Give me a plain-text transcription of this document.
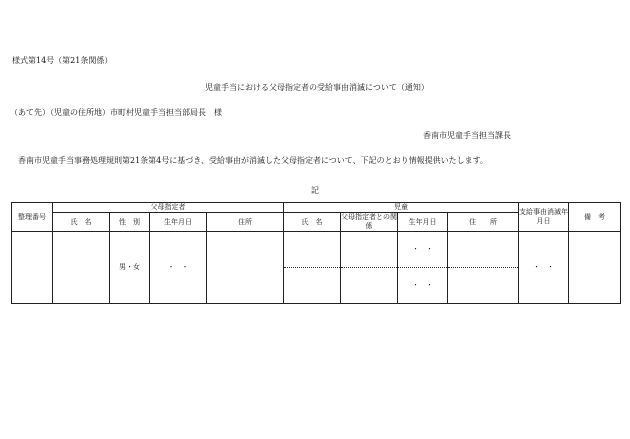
様式第14号（第21条関係）
児童手当における父母指定者の受給事由消滅について（通知）
（あて先）（児童の住所地）市町村児童手当担当部局長　様
香南市児童手当担当課長
香南市児童手当事務処理規則第21条第4号に基づき、受給事由が消滅した父母指定者について、下記のとおり情報提供いたします。
記
整理番号	父母指定者				児童				支給事由消滅年月日	備　考
	氏　名	性　別	生年月日	住所	氏　名	父母指定者との関係	生年月日	住　　所		
		男・女	・　・				・　・		・　・	
							・　・			
